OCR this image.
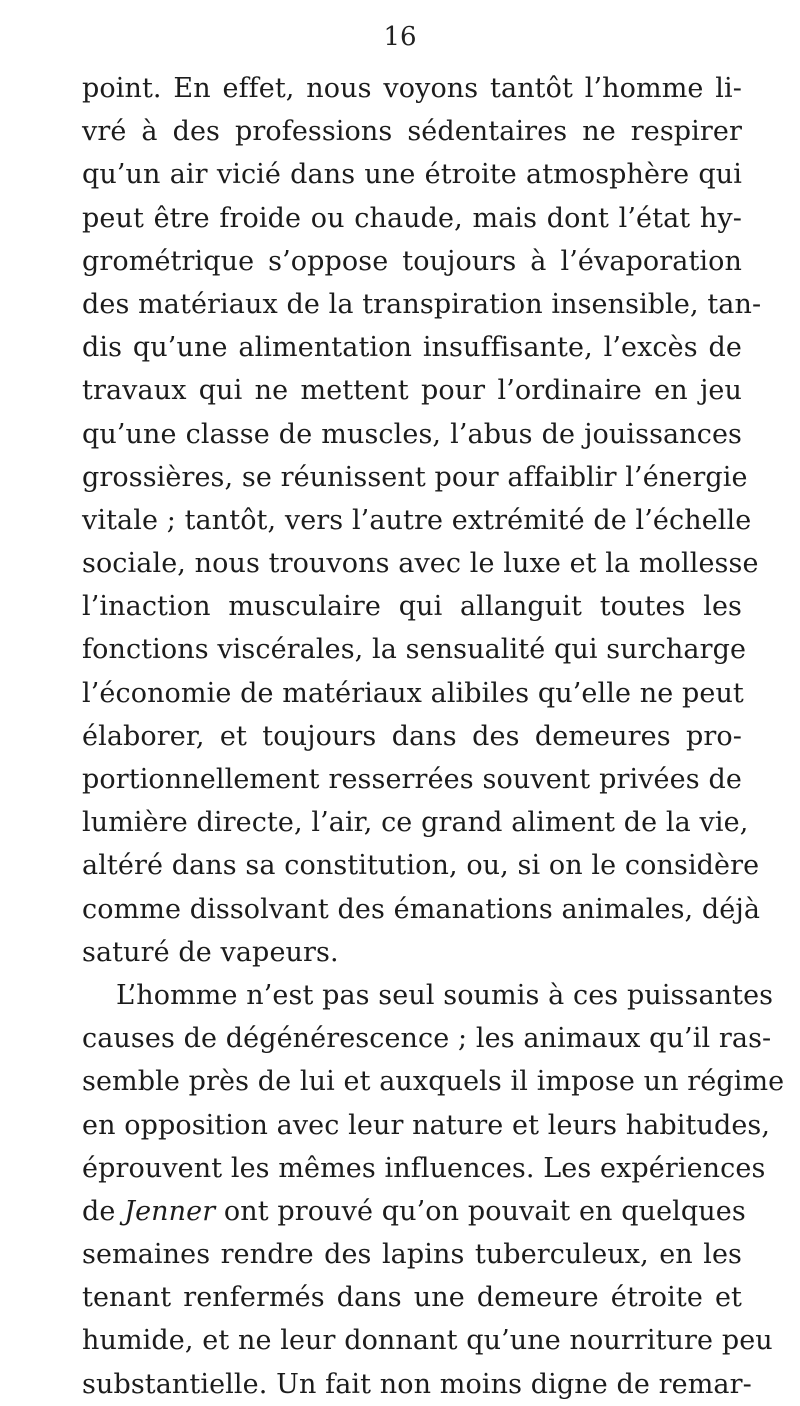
16
point. En effet, nous voyons tantôt l’homme li-
vré à des professions sédentaires ne respirer
qu’un air vicié dans une étroite atmosphère qui
peut être froide ou chaude, mais dont l’état hy-
grométrique s’oppose toujours à l’évaporation
des matériaux de la transpiration insensible, tan-
dis qu’une alimentation insuffisante, l’excès de
travaux qui ne mettent pour l’ordinaire en jeu
qu’une classe de muscles, l’abus de jouissances
grossières, se réunissent pour affaiblir l’énergie
vitale ; tantôt, vers l’autre extrémité de l’échelle
sociale, nous trouvons avec le luxe et la mollesse
l’inaction musculaire qui allanguit toutes les
fonctions viscérales, la sensualité qui surcharge
l’économie de matériaux alibiles qu’elle ne peut
élaborer, et toujours dans des demeures pro-
portionnellement resserrées souvent privées de
lumière directe, l’air, ce grand aliment de la vie,
altéré dans sa constitution, ou, si on le considère
comme dissolvant des émanations animales, déjà
saturé de vapeurs.
L’homme n’est pas seul soumis à ces puissantes
causes de dégénérescence ; les animaux qu’il ras-
semble près de lui et auxquels il impose un régime
en opposition avec leur nature et leurs habitudes,
éprouvent les mêmes influences. Les expériences
de Jenner ont prouvé qu’on pouvait en quelques
semaines rendre des lapins tuberculeux, en les
tenant renfermés dans une demeure étroite et
humide, et ne leur donnant qu’une nourriture peu
substantielle. Un fait non moins digne de remar-
